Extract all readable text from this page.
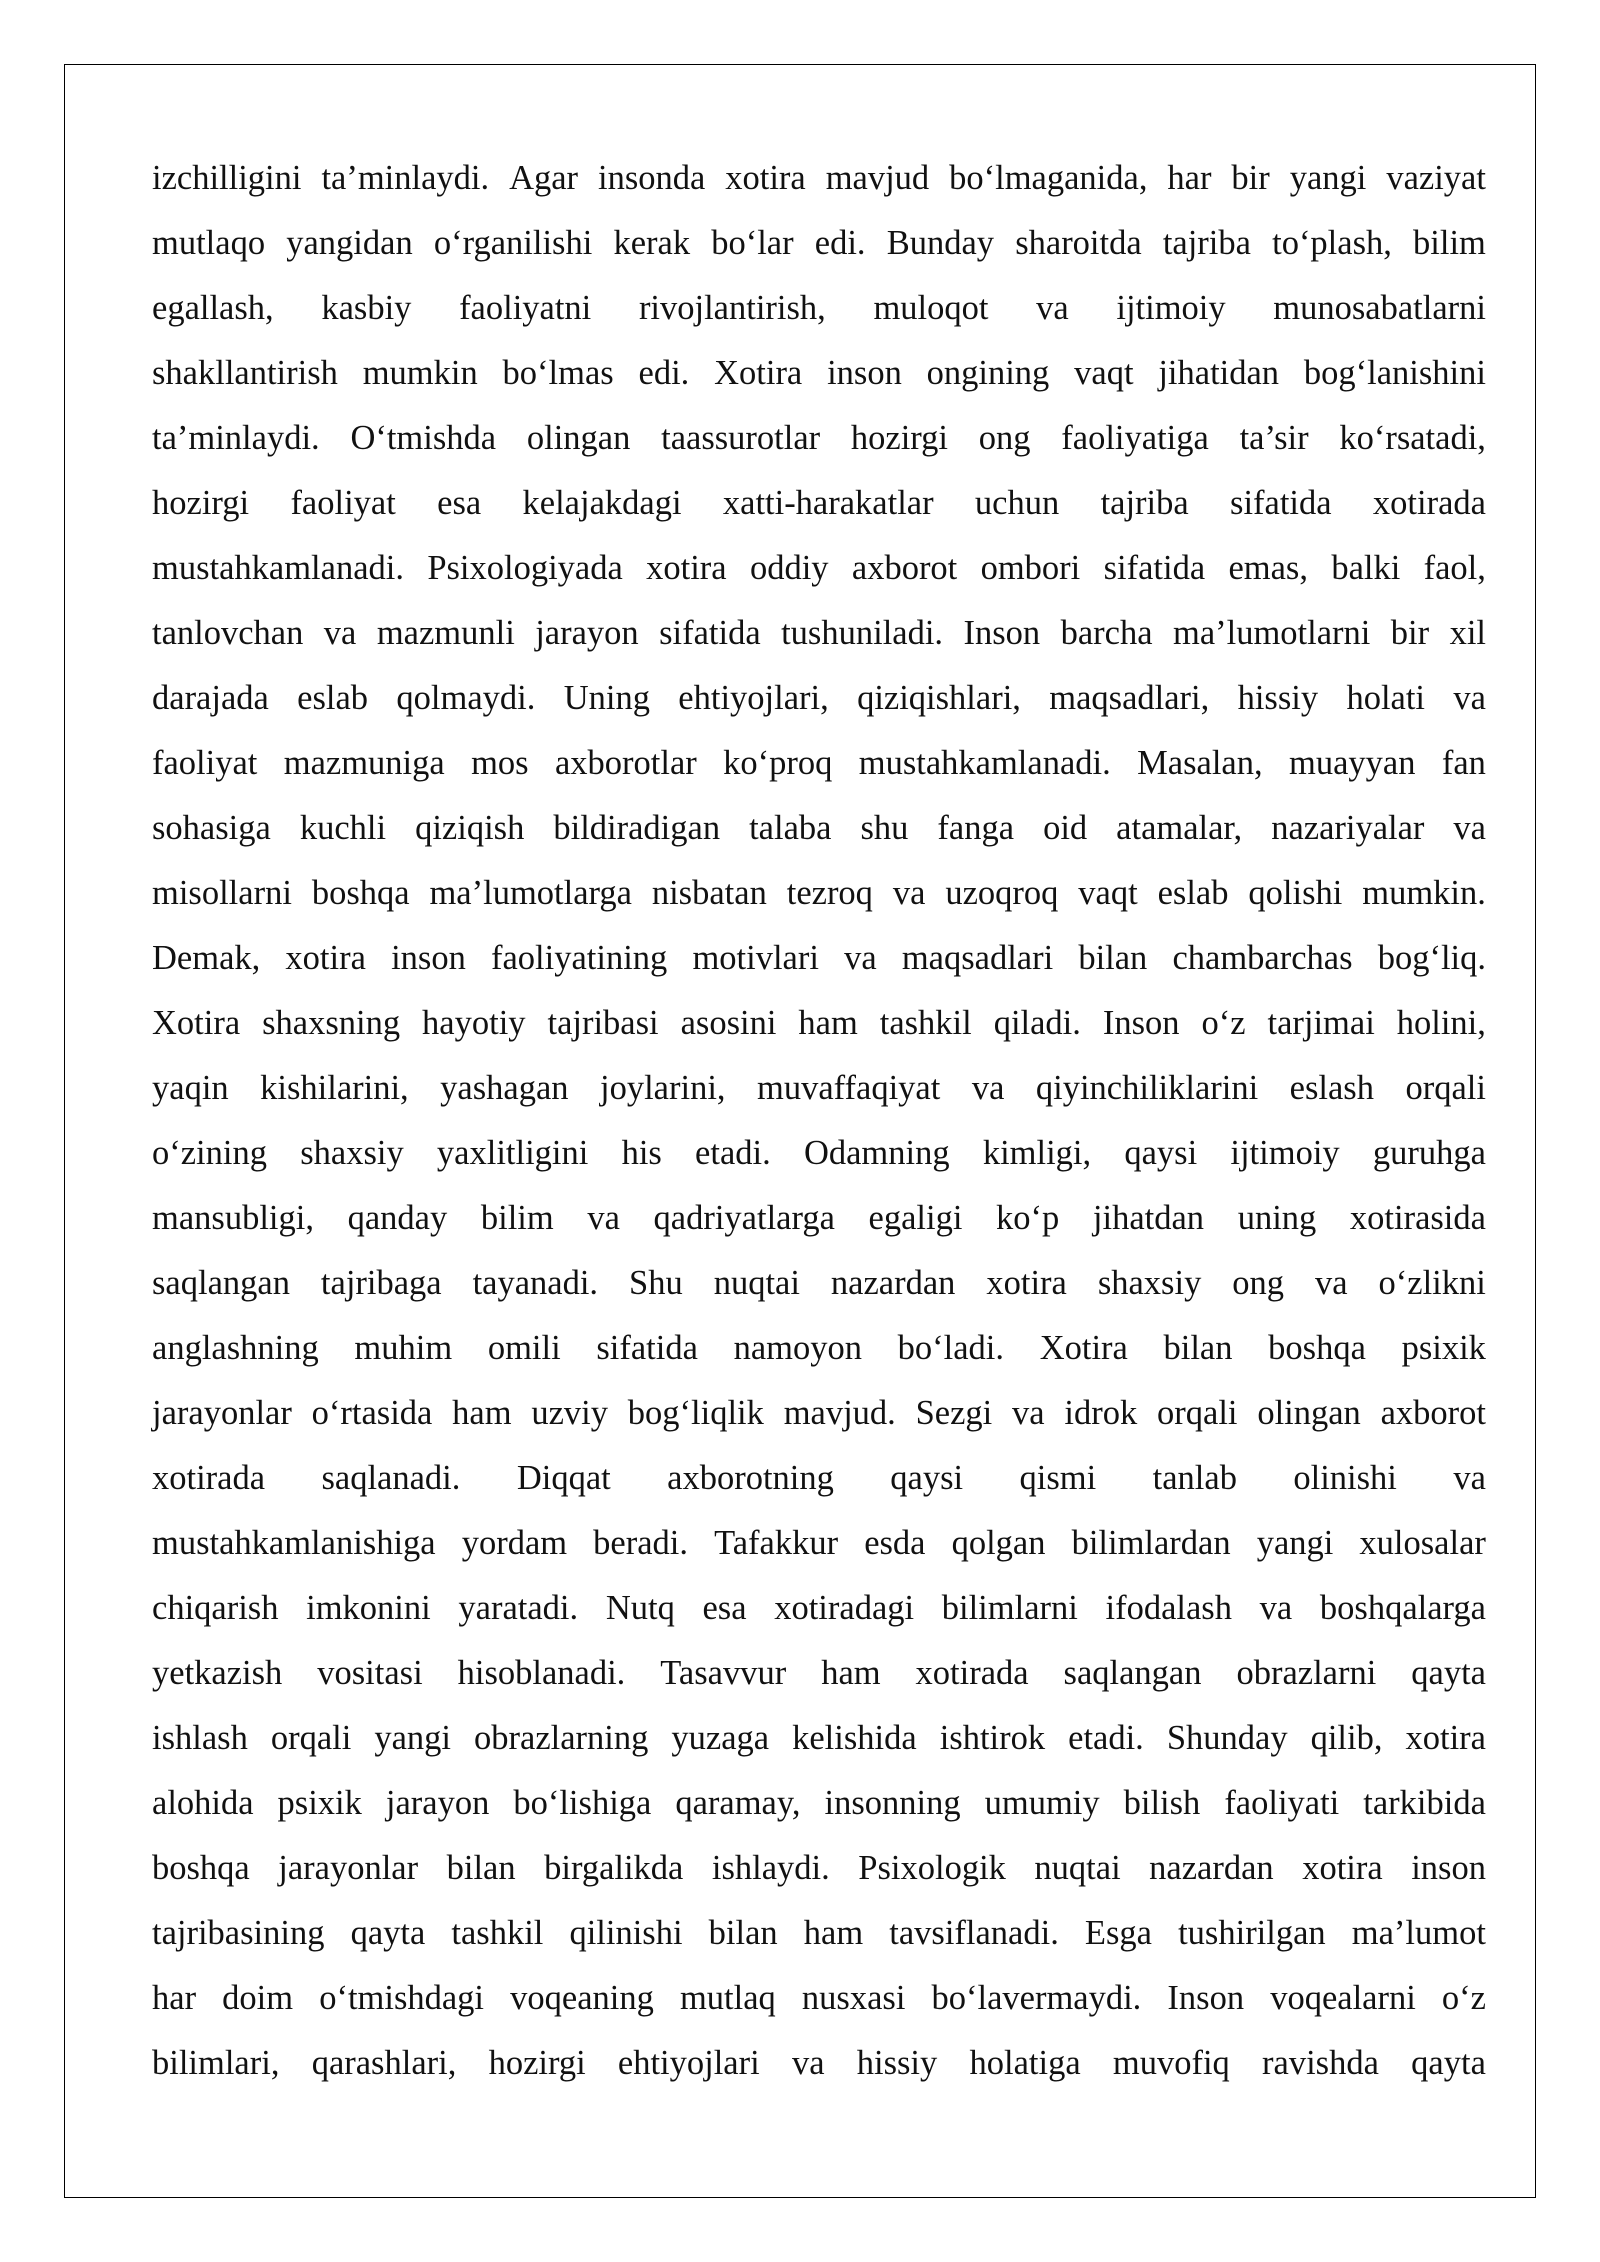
izchilligini ta’minlaydi. Agar insonda xotira mavjud bo‘lmaganida, har bir yangi vaziyat
mutlaqo yangidan o‘rganilishi kerak bo‘lar edi. Bunday sharoitda tajriba to‘plash, bilim
egallash, kasbiy faoliyatni rivojlantirish, muloqot va ijtimoiy munosabatlarni
shakllantirish mumkin bo‘lmas edi. Xotira inson ongining vaqt jihatidan bog‘lanishini
ta’minlaydi. O‘tmishda olingan taassurotlar hozirgi ong faoliyatiga ta’sir ko‘rsatadi,
hozirgi faoliyat esa kelajakdagi xatti-harakatlar uchun tajriba sifatida xotirada
mustahkamlanadi. Psixologiyada xotira oddiy axborot ombori sifatida emas, balki faol,
tanlovchan va mazmunli jarayon sifatida tushuniladi. Inson barcha ma’lumotlarni bir xil
darajada eslab qolmaydi. Uning ehtiyojlari, qiziqishlari, maqsadlari, hissiy holati va
faoliyat mazmuniga mos axborotlar ko‘proq mustahkamlanadi. Masalan, muayyan fan
sohasiga kuchli qiziqish bildiradigan talaba shu fanga oid atamalar, nazariyalar va
misollarni boshqa ma’lumotlarga nisbatan tezroq va uzoqroq vaqt eslab qolishi mumkin.
Demak, xotira inson faoliyatining motivlari va maqsadlari bilan chambarchas bog‘liq.
Xotira shaxsning hayotiy tajribasi asosini ham tashkil qiladi. Inson o‘z tarjimai holini,
yaqin kishilarini, yashagan joylarini, muvaffaqiyat va qiyinchiliklarini eslash orqali
o‘zining shaxsiy yaxlitligini his etadi. Odamning kimligi, qaysi ijtimoiy guruhga
mansubligi, qanday bilim va qadriyatlarga egaligi ko‘p jihatdan uning xotirasida
saqlangan tajribaga tayanadi. Shu nuqtai nazardan xotira shaxsiy ong va o‘zlikni
anglashning muhim omili sifatida namoyon bo‘ladi. Xotira bilan boshqa psixik
jarayonlar o‘rtasida ham uzviy bog‘liqlik mavjud. Sezgi va idrok orqali olingan axborot
xotirada saqlanadi. Diqqat axborotning qaysi qismi tanlab olinishi va
mustahkamlanishiga yordam beradi. Tafakkur esda qolgan bilimlardan yangi xulosalar
chiqarish imkonini yaratadi. Nutq esa xotiradagi bilimlarni ifodalash va boshqalarga
yetkazish vositasi hisoblanadi. Tasavvur ham xotirada saqlangan obrazlarni qayta
ishlash orqali yangi obrazlarning yuzaga kelishida ishtirok etadi. Shunday qilib, xotira
alohida psixik jarayon bo‘lishiga qaramay, insonning umumiy bilish faoliyati tarkibida
boshqa jarayonlar bilan birgalikda ishlaydi. Psixologik nuqtai nazardan xotira inson
tajribasining qayta tashkil qilinishi bilan ham tavsiflanadi. Esga tushirilgan ma’lumot
har doim o‘tmishdagi voqeaning mutlaq nusxasi bo‘lavermaydi. Inson voqealarni o‘z
bilimlari, qarashlari, hozirgi ehtiyojlari va hissiy holatiga muvofiq ravishda qayta
